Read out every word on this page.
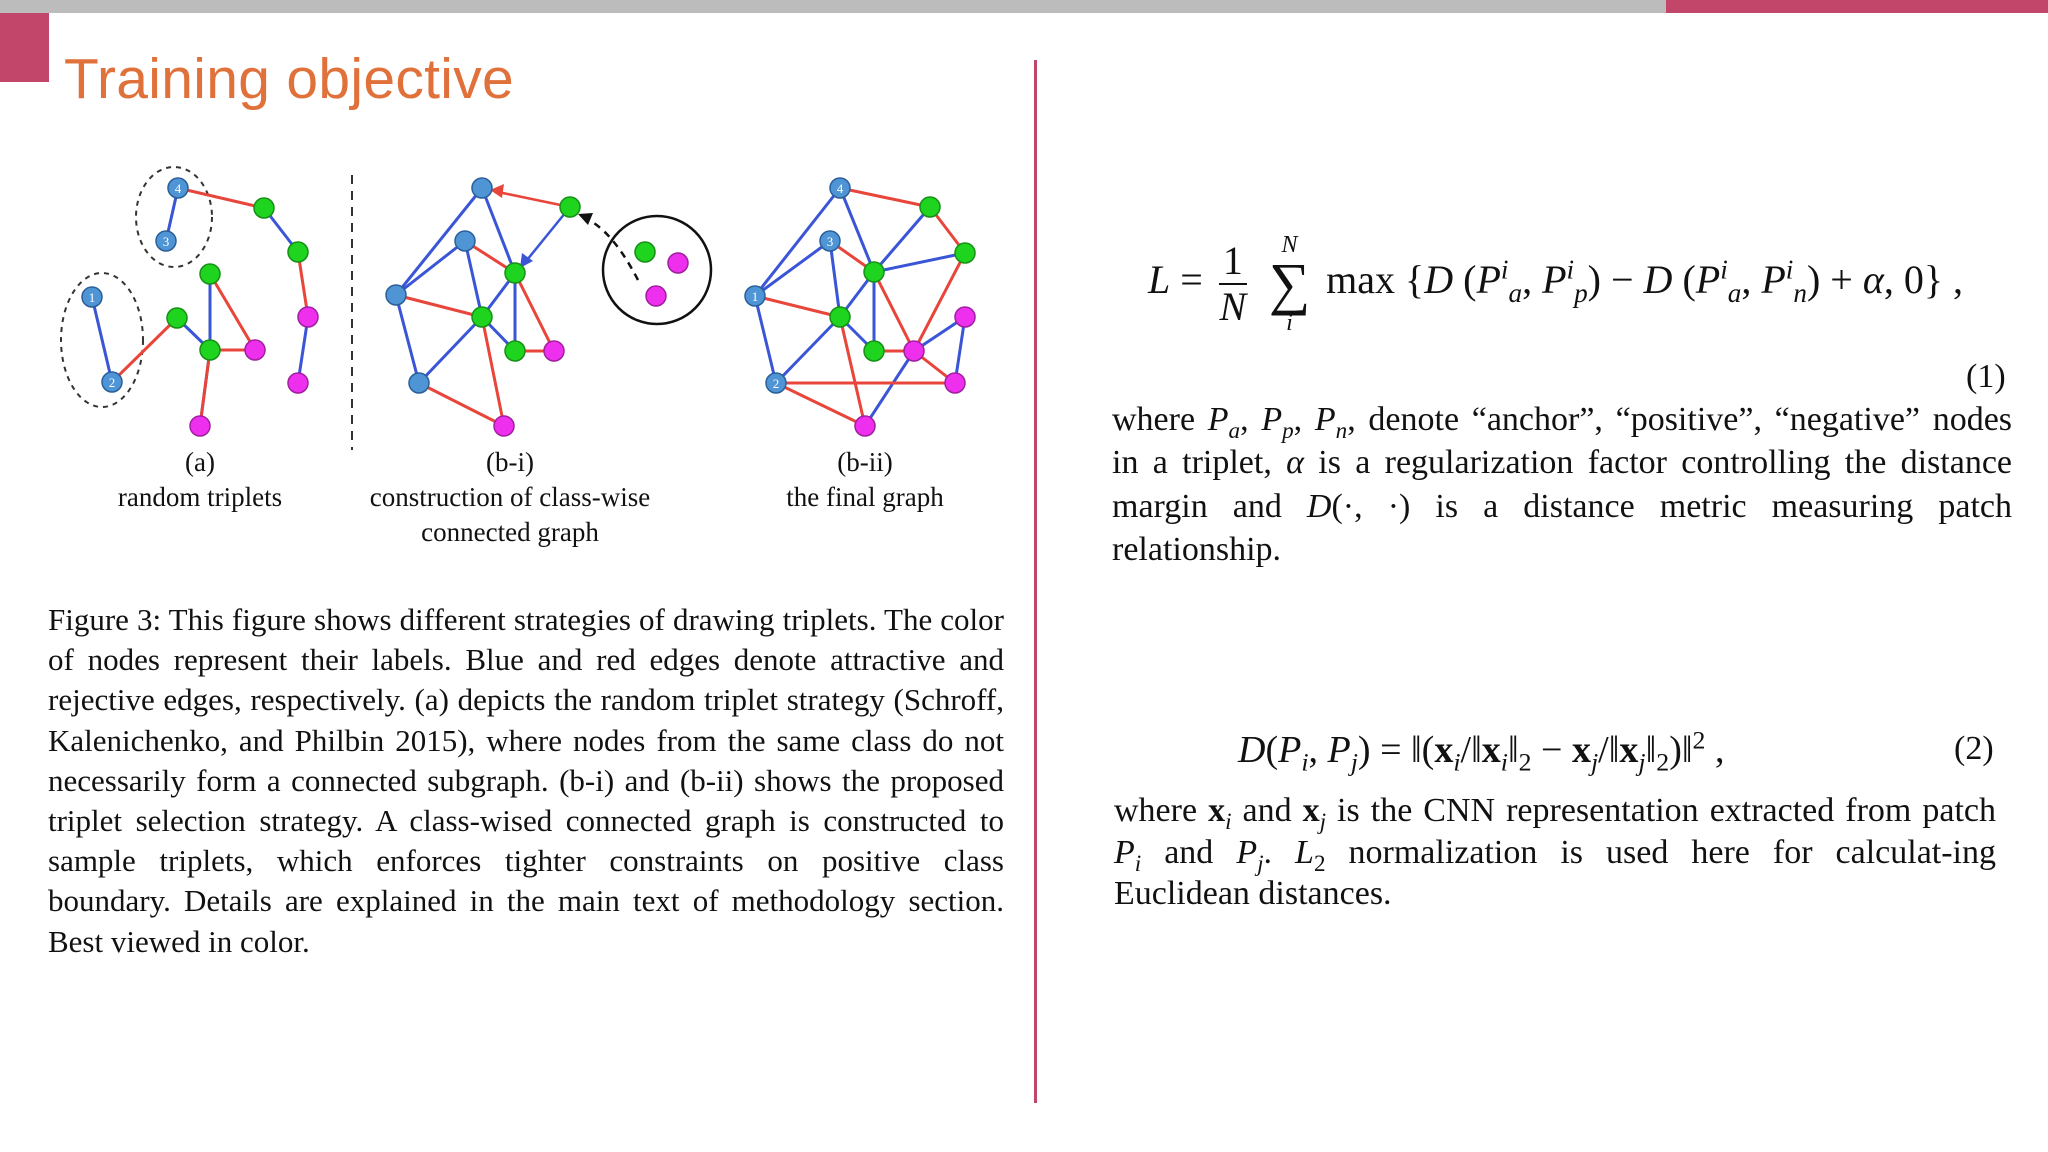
Training objective
4
3
1
2
4
3
1
2
(a)
random triplets
(b-i)
construction of class-wise
connected graph
(b-ii)
the final graph

Figure 3: This figure shows different strategies of drawing triplets. The color of nodes represent their labels. Blue and red edges denote attractive and rejective edges, respectively. (a) depicts the random triplet strategy (Schroff, Kalenichenko, and Philbin 2015), where nodes from the same class do not necessarily form a connected subgraph. (b-i) and (b-ii) shows the proposed triplet selection strategy. A class-wised connected graph is constructed to sample triplets, which enforces tighter constraints on positive class boundary. Details are explained in the main text of methodology section. Best viewed in color.

$L = \frac{1}{N}$
	N
∑
i
max {D ($P^i_a$, $P^i_p) - D$ ($P^i_a$, $P^i_n) + \alpha$, 0} ,
(1)

where $P_a$, $P_p$, $P_n$, denote “anchor”, “positive”, “negative” nodes in a triplet, α is a regularization factor controlling the distance margin and D(·, ·) is a distance metric measuring patch relationship.

$D(P_i$, $P_j$) = $‖(x_i/‖x_i‖_2$ − $x_j/‖x_j‖_2)‖^2$ ,	(2)

where $x_i$ and $x_j$ is the CNN representation extracted from patch $P_i$ and $P_j$. $L_2$ normalization is used here for calculat-ing Euclidean distances.
